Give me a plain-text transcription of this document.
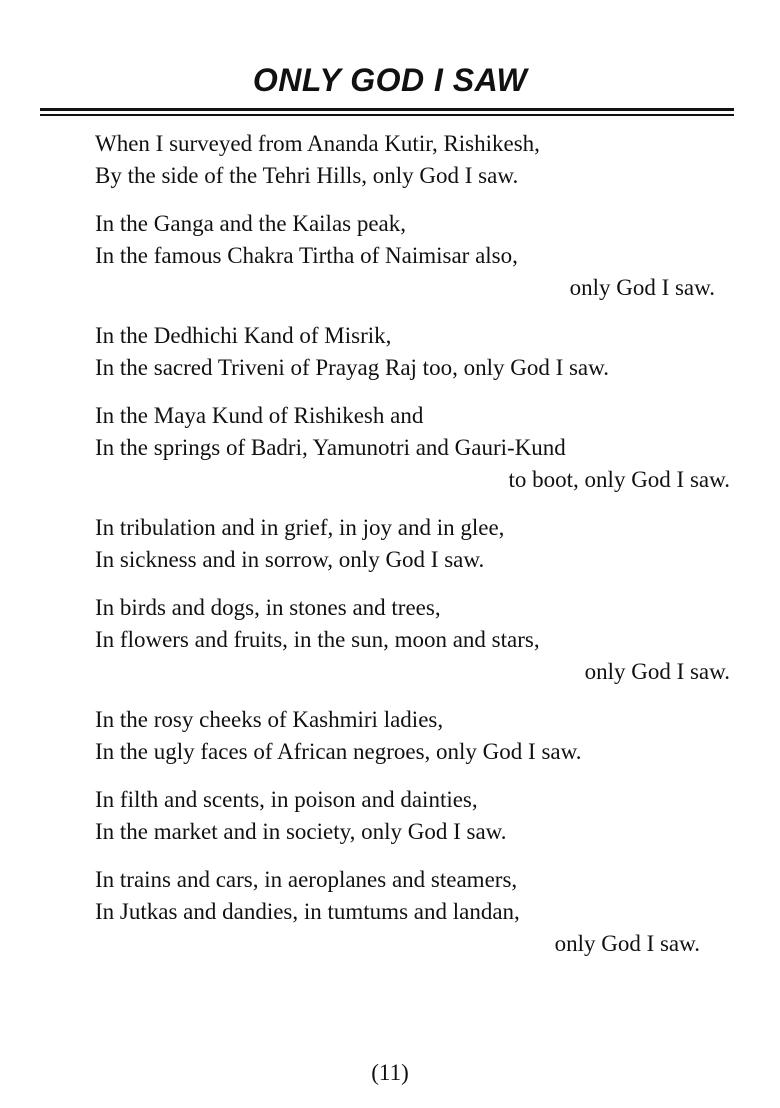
ONLY GOD I SAW
When I surveyed from Ananda Kutir, Rishikesh,
By the side of the Tehri Hills, only God I saw.
In the Ganga and the Kailas peak,
In the famous Chakra Tirtha of Naimisar also,
only God I saw.
In the Dedhichi Kand of Misrik,
In the sacred Triveni of Prayag Raj too, only God I saw.
In the Maya Kund of Rishikesh and
In the springs of Badri, Yamunotri and Gauri-Kund
to boot, only God I saw.
In tribulation and in grief, in joy and in glee,
In sickness and in sorrow, only God I saw.
In birds and dogs, in stones and trees,
In flowers and fruits, in the sun, moon and stars,
only God I saw.
In the rosy cheeks of Kashmiri ladies,
In the ugly faces of African negroes, only God I saw.
In filth and scents, in poison and dainties,
In the market and in society, only God I saw.
In trains and cars, in aeroplanes and steamers,
In Jutkas and dandies, in tumtums and landan,
only God I saw.
(11)
